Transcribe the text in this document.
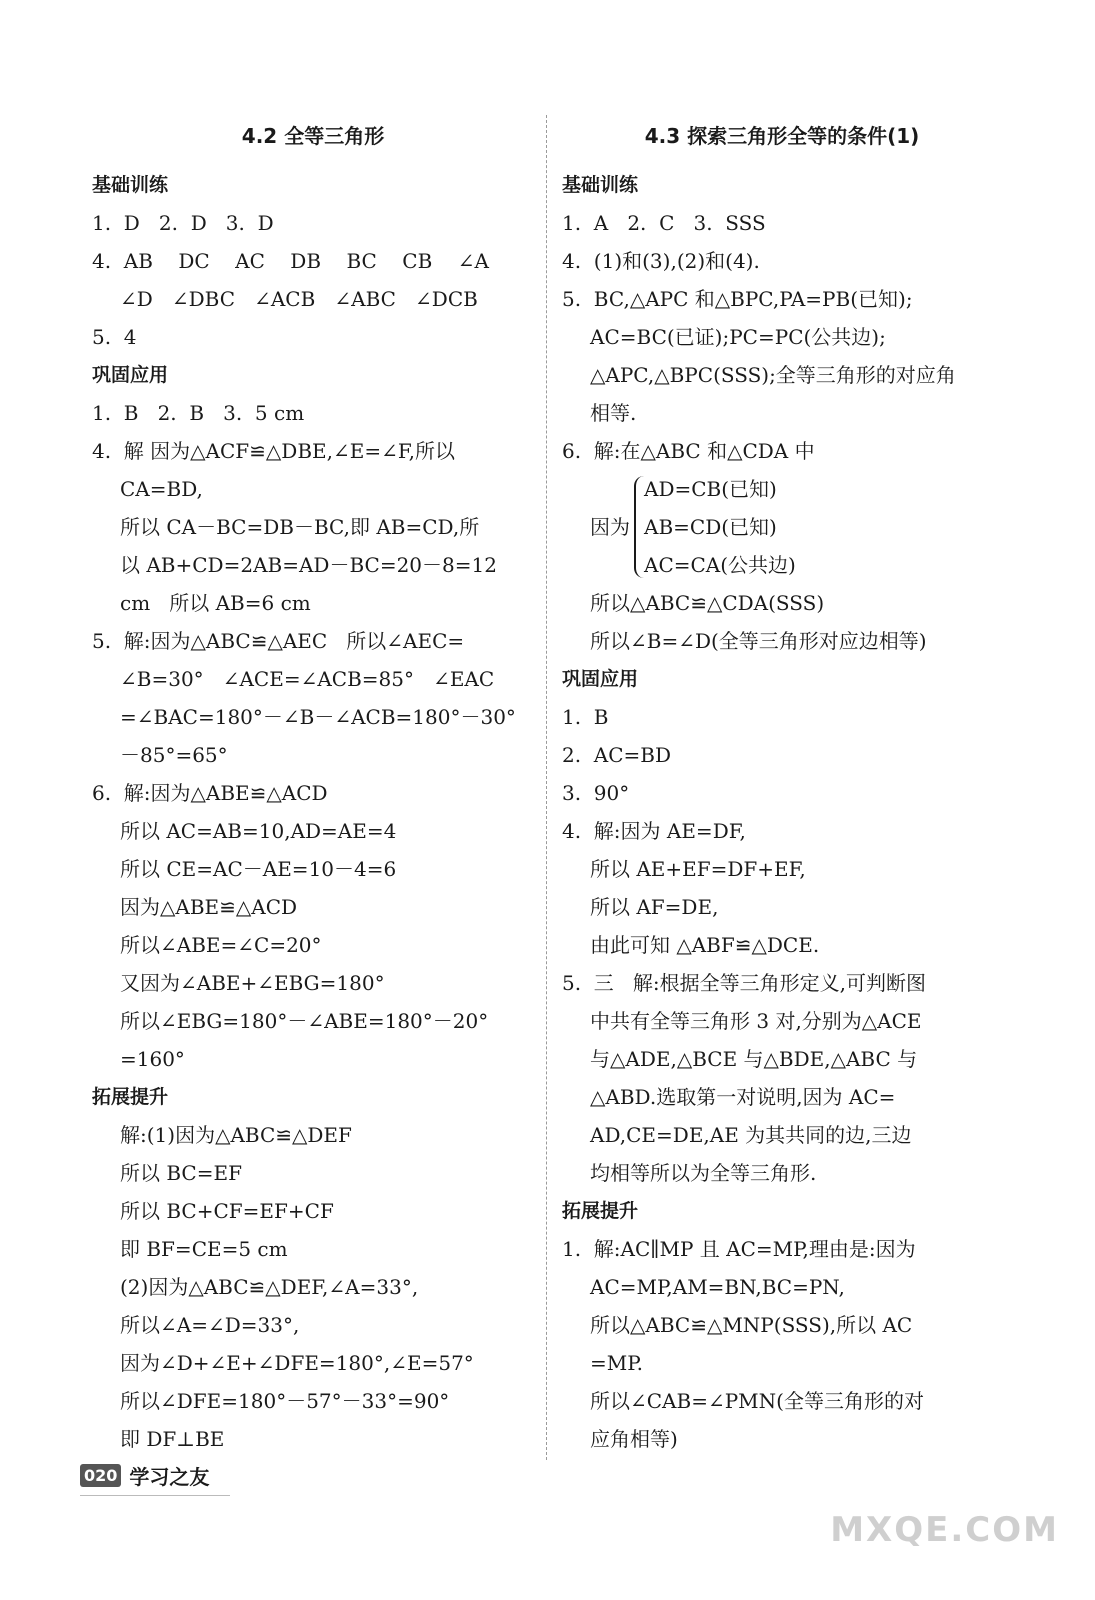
4.2 全等三角形
基础训练
1.  D   2.  D   3.  D
4.  AB    DC    AC    DB    BC    CB    ∠A
∠D   ∠DBC   ∠ACB   ∠ABC   ∠DCB
5.  4
巩固应用
1.  B   2.  B   3.  5 cm
4.  解 因为△ACF≌△DBE,∠E=∠F,所以
CA=BD,
所以 CA－BC=DB－BC,即 AB=CD,所
以 AB+CD=2AB=AD－BC=20－8=12
cm   所以 AB=6 cm
5.  解:因为△ABC≌△AEC   所以∠AEC=
∠B=30°   ∠ACE=∠ACB=85°   ∠EAC
=∠BAC=180°－∠B－∠ACB=180°－30°
－85°=65°
6.  解:因为△ABE≌△ACD
所以 AC=AB=10,AD=AE=4
所以 CE=AC－AE=10－4=6
因为△ABE≌△ACD
所以∠ABE=∠C=20°
又因为∠ABE+∠EBG=180°
所以∠EBG=180°－∠ABE=180°－20°
=160°
拓展提升
解:(1)因为△ABC≌△DEF
所以 BC=EF
所以 BC+CF=EF+CF
即 BF=CE=5 cm
(2)因为△ABC≌△DEF,∠A=33°,
所以∠A=∠D=33°,
因为∠D+∠E+∠DFE=180°,∠E=57°
所以∠DFE=180°－57°－33°=90°
即 DF⊥BE
4.3 探索三角形全等的条件(1)
基础训练
1.  A   2.  C   3.  SSS
4.  (1)和(3),(2)和(4).
5.  BC,△APC 和△BPC,PA=PB(已知);
AC=BC(已证);PC=PC(公共边);
△APC,△BPC(SSS);全等三角形的对应角
相等.
6.  解:在△ABC 和△CDA 中
因为
AD=CB(已知)
AB=CD(已知)
AC=CA(公共边)
所以△ABC≌△CDA(SSS)
所以∠B=∠D(全等三角形对应边相等)
巩固应用
1.  B
2.  AC=BD
3.  90°
4.  解:因为 AE=DF,
所以 AE+EF=DF+EF,
所以 AF=DE,
由此可知 △ABF≌△DCE.
5.  三   解:根据全等三角形定义,可判断图
中共有全等三角形 3 对,分别为△ACE
与△ADE,△BCE 与△BDE,△ABC 与
△ABD.选取第一对说明,因为 AC=
AD,CE=DE,AE 为其共同的边,三边
均相等所以为全等三角形.
拓展提升
1.  解:AC∥MP 且 AC=MP,理由是:因为
AC=MP,AM=BN,BC=PN,
所以△ABC≌△MNP(SSS),所以 AC
=MP.
所以∠CAB=∠PMN(全等三角形的对
应角相等)
020 学习之友
MXQE.COM
